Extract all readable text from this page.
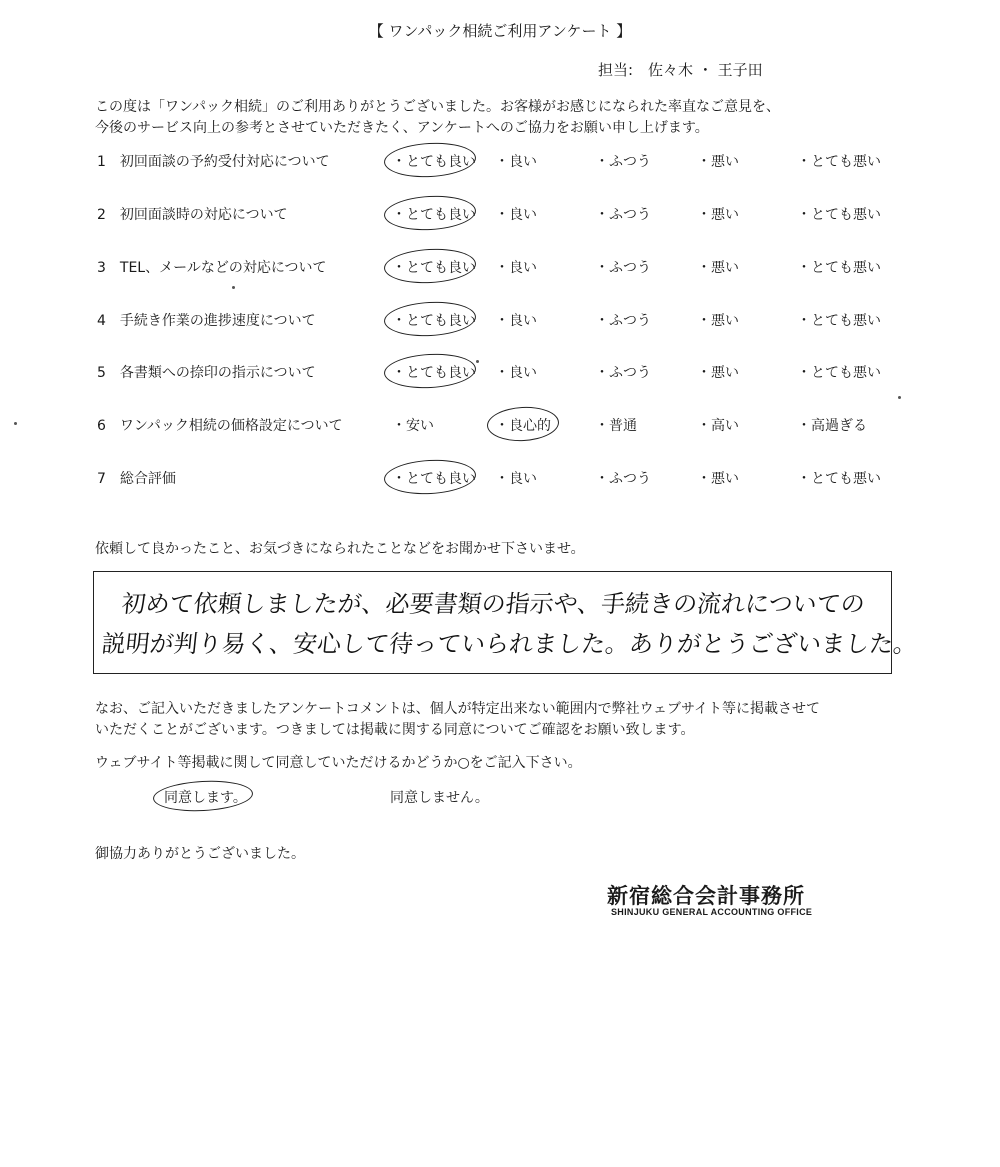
【 ワンパック相続ご利用アンケート 】
担当:　佐々木 ・ 王子田
この度は「ワンパック相続」のご利用ありがとうございました。お客様がお感じになられた率直なご意見を、
今後のサービス向上の参考とさせていただきたく、アンケートへのご協力をお願い申し上げます。
1　初回面談の予約受付対応について	・とても良い ・良い	・ふつう	・悪い	・とても悪い
2　初回面談時の対応について	・とても良い ・良い	・ふつう	・悪い	・とても悪い
3　TEL、メールなどの対応について	・とても良い ・良い	・ふつう	・悪い	・とても悪い
4　手続き作業の進捗速度について	・とても良い ・良い	・ふつう	・悪い	・とても悪い
5　各書類への捺印の指示について	・とても良い ・良い	・ふつう	・悪い	・とても悪い
6　ワンパック相続の価格設定について	・安い	・良心的	・普通	・高い	・高過ぎる
7　総合評価	・とても良い ・良い	・ふつう	・悪い	・とても悪い
依頼して良かったこと、お気づきになられたことなどをお聞かせ下さいませ。
初めて依頼しましたが、必要書類の指示や、手続きの流れについての
説明が判り易く、安心して待っていられました。ありがとうございました。
なお、ご記入いただきましたアンケートコメントは、個人が特定出来ない範囲内で弊社ウェブサイト等に掲載させて
いただくことがございます。つきましては掲載に関する同意についてご確認をお願い致します。
ウェブサイト等掲載に関して同意していただけるかどうか○をご記入下さい。
同意します。	同意しません。
御協力ありがとうございました。
新宿総合会計事務所
SHINJUKU GENERAL ACCOUNTING OFFICE
